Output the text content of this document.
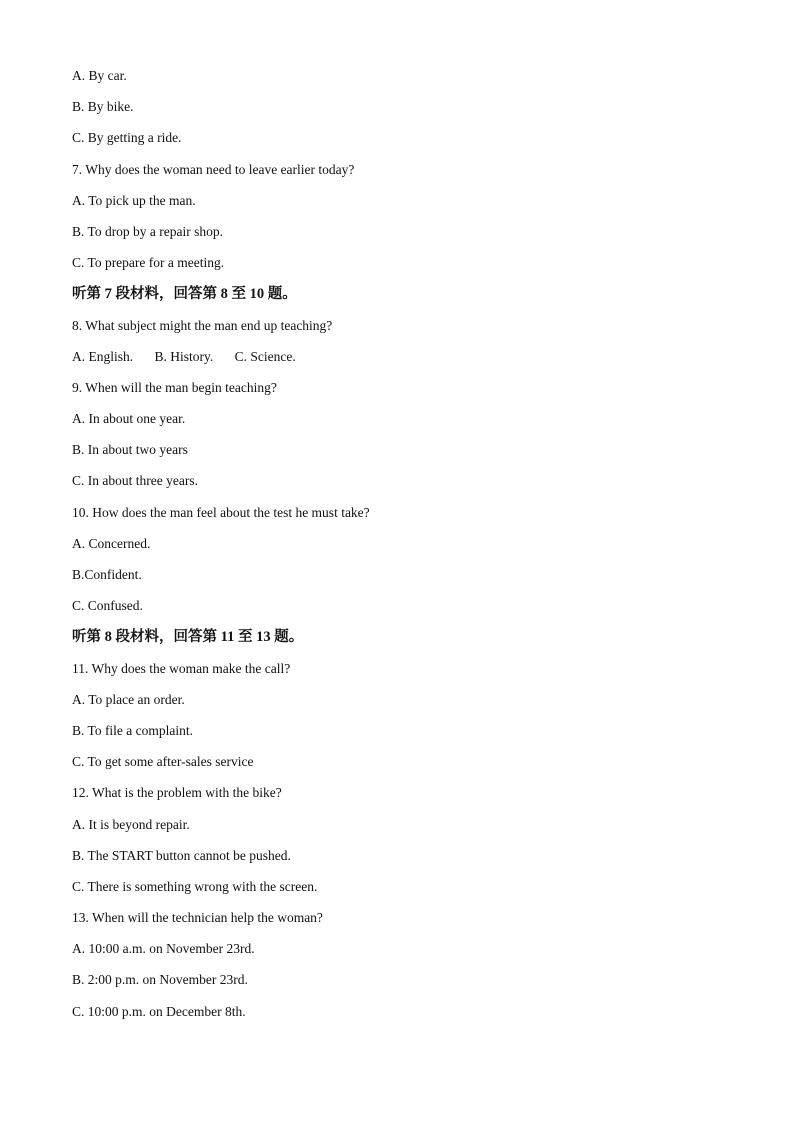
A. By car.
B. By bike.
C. By getting a ride.
7. Why does the woman need to leave earlier today?
A. To pick up the man.
B. To drop by a repair shop.
C. To prepare for a meeting.
听第 7 段材料，回答第 8 至 10 题。
8. What subject might the man end up teaching?
A. English. B. History. C. Science.
9. When will the man begin teaching?
A. In about one year.
B. In about two years
C. In about three years.
10. How does the man feel about the test he must take?
A. Concerned.
B.Confident.
C. Confused.
听第 8 段材料，回答第 11 至 13 题。
11. Why does the woman make the call?
A. To place an order.
B. To file a complaint.
C. To get some after-sales service
12. What is the problem with the bike?
A. It is beyond repair.
B. The START button cannot be pushed.
C. There is something wrong with the screen.
13. When will the technician help the woman?
A. 10:00 a.m. on November 23rd.
B. 2:00 p.m. on November 23rd.
C. 10:00 p.m. on December 8th.
